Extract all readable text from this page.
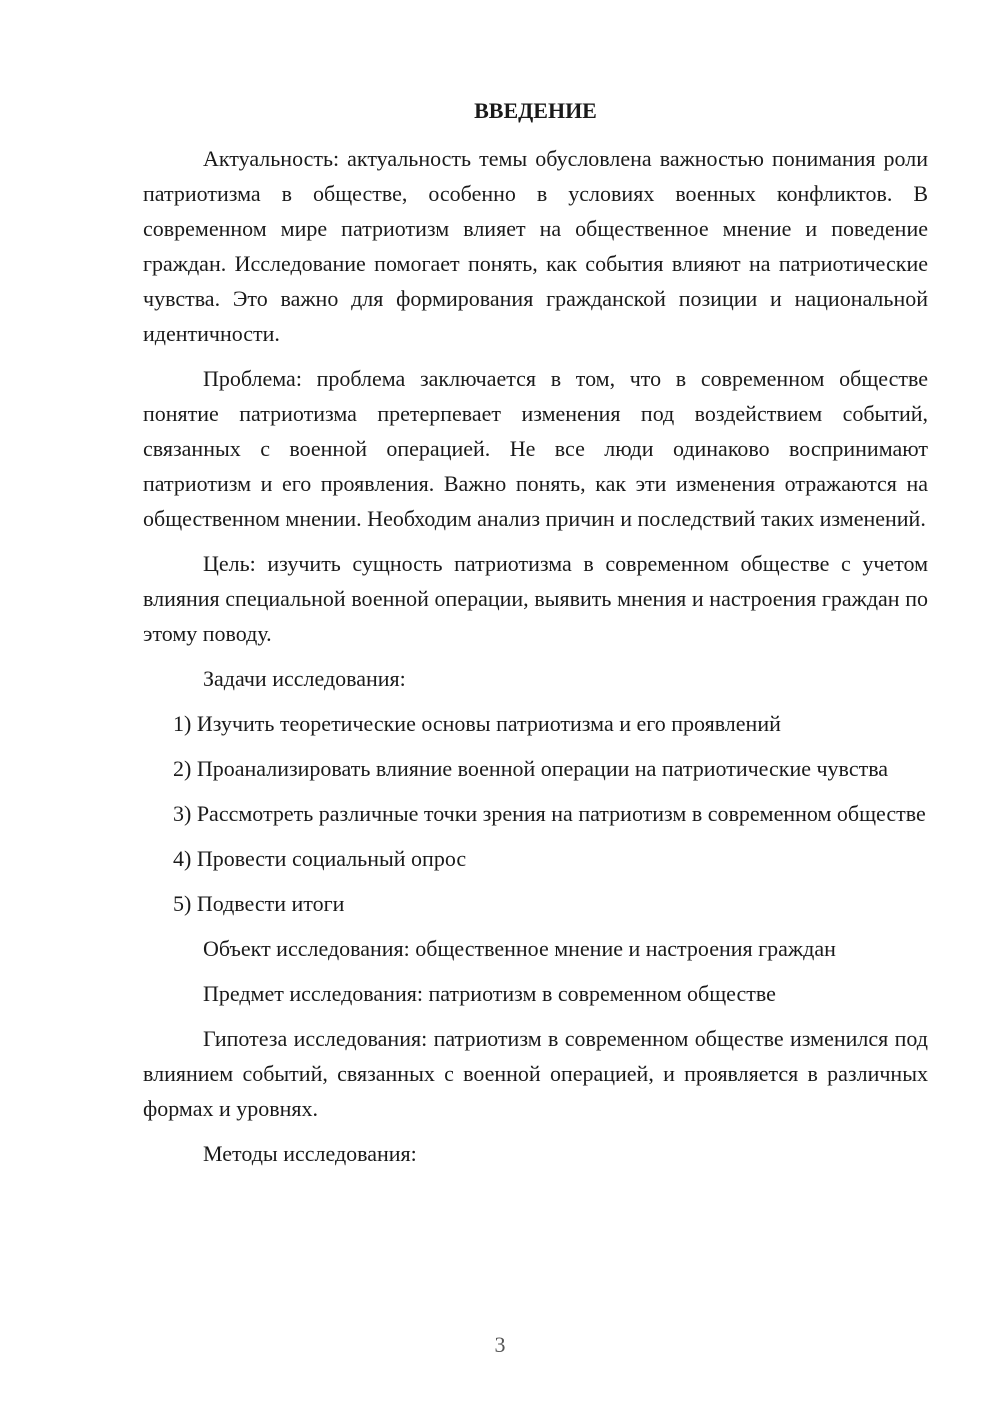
ВВЕДЕНИЕ

Актуальность: актуальность темы обусловлена важностью понимания роли патриотизма в обществе, особенно в условиях военных конфликтов. В современном мире патриотизм влияет на общественное мнение и поведение граждан. Исследование помогает понять, как события влияют на патриотические чувства. Это важно для формирования гражданской позиции и национальной идентичности.

Проблема: проблема заключается в том, что в современном обществе понятие патриотизма претерпевает изменения под воздействием событий, связанных с военной операцией. Не все люди одинаково воспринимают патриотизм и его проявления. Важно понять, как эти изменения отражаются на общественном мнении. Необходим анализ причин и последствий таких изменений.

Цель: изучить сущность патриотизма в современном обществе с учетом влияния специальной военной операции, выявить мнения и настроения граждан по этому поводу.

Задачи исследования:

1) Изучить теоретические основы патриотизма и его проявлений

2) Проанализировать влияние военной операции на патриотические чувства

3) Рассмотреть различные точки зрения на патриотизм в современном обществе

4) Провести социальный опрос

5) Подвести итоги

Объект исследования: общественное мнение и настроения граждан

Предмет исследования: патриотизм в современном обществе

Гипотеза исследования: патриотизм в современном обществе изменился под влиянием событий, связанных с военной операцией, и проявляется в различных формах и уровнях.

Методы исследования:

3
